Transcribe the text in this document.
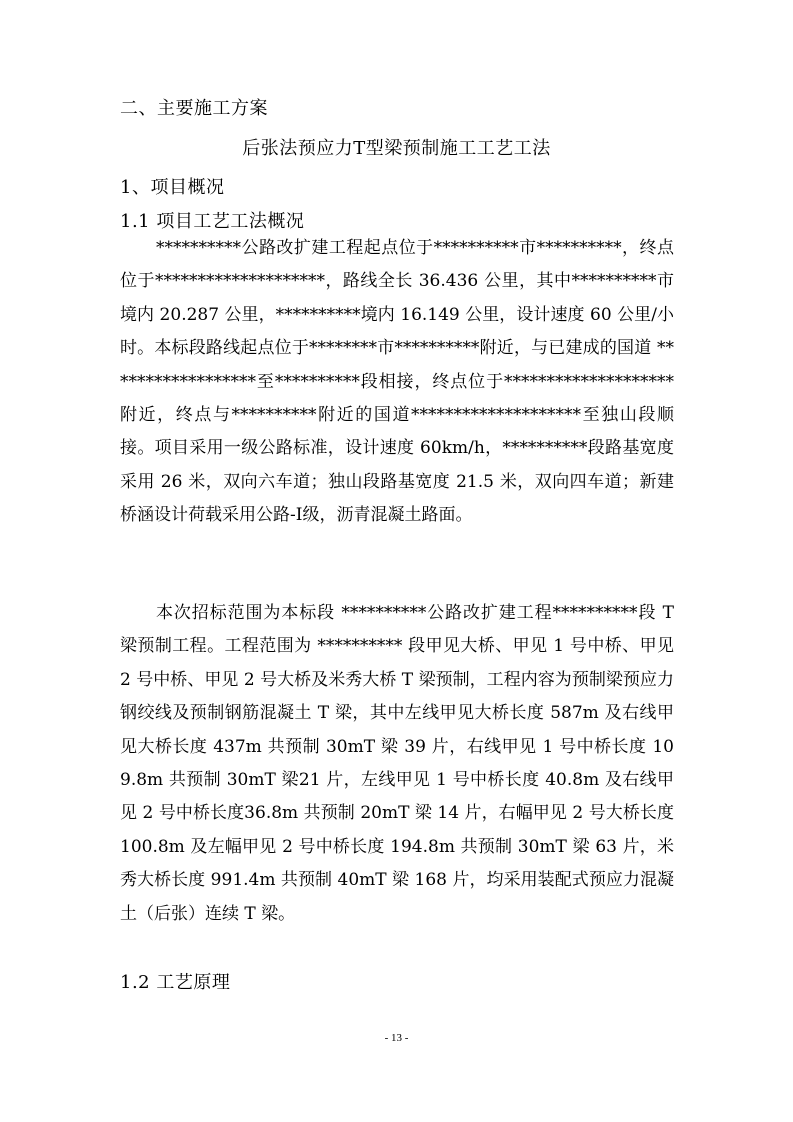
二、主要施工方案
后张法预应力T型梁预制施工工艺工法
1、项目概况
1.1 项目工艺工法概况

**********公路改扩建工程起点位于**********市**********，终点位于********************，路线全长 36.436 公里，其中**********市境内 20.287 公里，**********境内 16.149 公里，设计速度 60 公里/小时。本标段路线起点位于********市**********附近，与已建成的国道 ******************至**********段相接，终点位于********************附近，终点与**********附近的国道********************至独山段顺接。项目采用一级公路标准，设计速度 60km/h，**********段路基宽度采用 26 米，双向六车道；独山段路基宽度 21.5 米，双向四车道；新建桥涵设计荷载采用公路-I级，沥青混凝土路面。

本次招标范围为本标段 **********公路改扩建工程**********段 T 梁预制工程。工程范围为 ********** 段甲见大桥、甲见 1 号中桥、甲见 2 号中桥、甲见 2 号大桥及米秀大桥 T 梁预制，工程内容为预制梁预应力钢绞线及预制钢筋混凝土 T 梁，其中左线甲见大桥长度 587m 及右线甲见大桥长度 437m 共预制 30mT 梁 39 片，右线甲见 1 号中桥长度 109.8m 共预制 30mT 梁21 片，左线甲见 1 号中桥长度 40.8m 及右线甲见 2 号中桥长度36.8m 共预制 20mT 梁 14 片，右幅甲见 2 号大桥长度 100.8m 及左幅甲见 2 号中桥长度 194.8m 共预制 30mT 梁 63 片，米秀大桥长度 991.4m 共预制 40mT 梁 168 片，均采用装配式预应力混凝土（后张）连续 T 梁。

1.2 工艺原理
- 13 -
